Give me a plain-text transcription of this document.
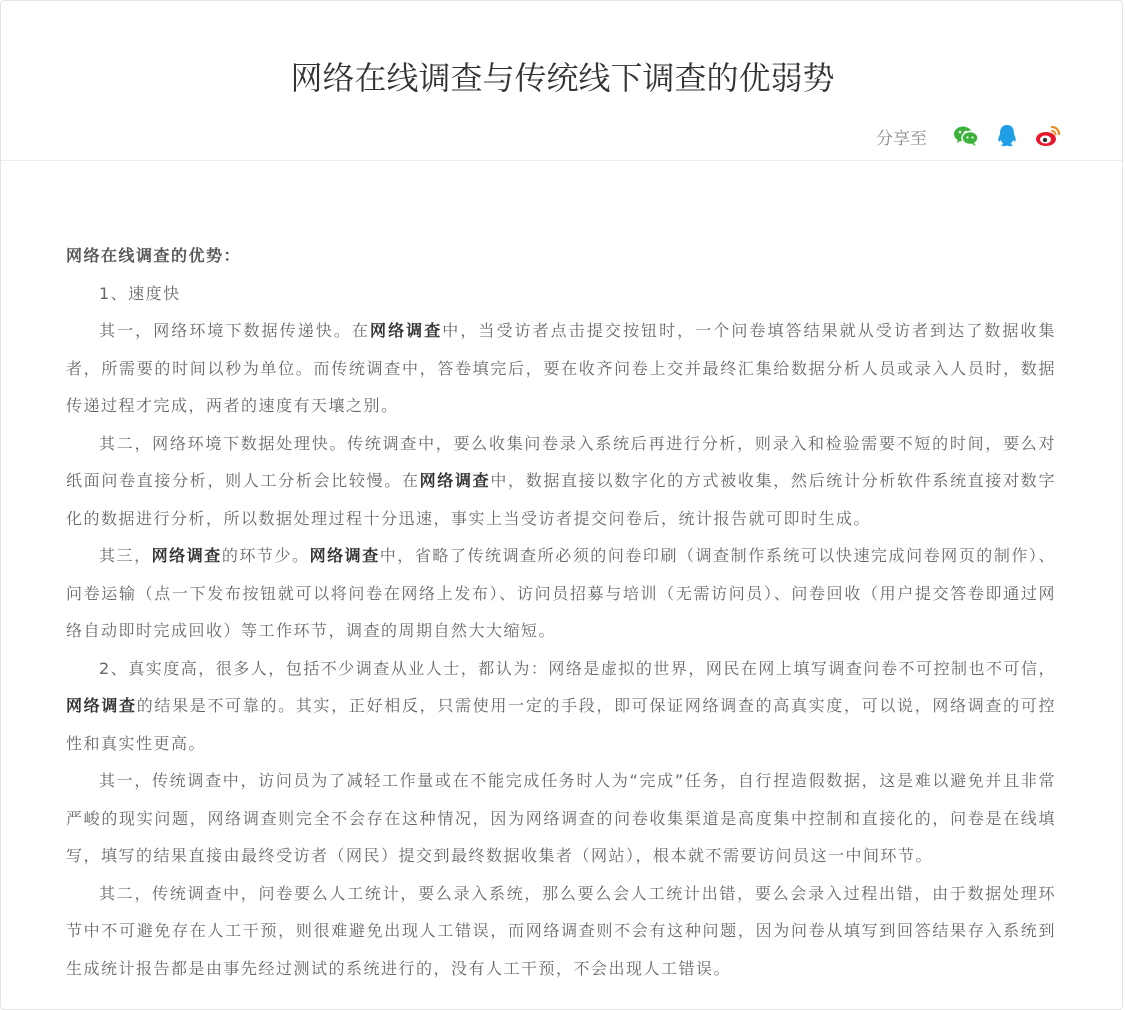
网络在线调查与传统线下调查的优弱势
分享至

网络在线调查的优势：

1、速度快

其一，网络环境下数据传递快。在网络调查中，当受访者点击提交按钮时，一个问卷填答结果就从受访者到达了数据收集者，所需要的时间以秒为单位。而传统调查中，答卷填完后，要在收齐问卷上交并最终汇集给数据分析人员或录入人员时，数据传递过程才完成，两者的速度有天壤之别。

其二，网络环境下数据处理快。传统调查中，要么收集问卷录入系统后再进行分析，则录入和检验需要不短的时间，要么对纸面问卷直接分析，则人工分析会比较慢。在网络调查中，数据直接以数字化的方式被收集，然后统计分析软件系统直接对数字化的数据进行分析，所以数据处理过程十分迅速，事实上当受访者提交问卷后，统计报告就可即时生成。

其三，网络调查的环节少。网络调查中，省略了传统调查所必须的问卷印刷（调查制作系统可以快速完成问卷网页的制作）、问卷运输（点一下发布按钮就可以将问卷在网络上发布）、访问员招募与培训（无需访问员）、问卷回收（用户提交答卷即通过网络自动即时完成回收）等工作环节，调查的周期自然大大缩短。

2、真实度高，很多人，包括不少调查从业人士，都认为：网络是虚拟的世界，网民在网上填写调查问卷不可控制也不可信，网络调查的结果是不可靠的。其实，正好相反，只需使用一定的手段，即可保证网络调查的高真实度，可以说，网络调查的可控性和真实性更高。

其一，传统调查中，访问员为了减轻工作量或在不能完成任务时人为“完成”任务，自行捏造假数据，这是难以避免并且非常严峻的现实问题，网络调查则完全不会存在这种情况，因为网络调查的问卷收集渠道是高度集中控制和直接化的，问卷是在线填写，填写的结果直接由最终受访者（网民）提交到最终数据收集者（网站），根本就不需要访问员这一中间环节。

其二，传统调查中，问卷要么人工统计，要么录入系统，那么要么会人工统计出错，要么会录入过程出错，由于数据处理环节中不可避免存在人工干预，则很难避免出现人工错误，而网络调查则不会有这种问题，因为问卷从填写到回答结果存入系统到生成统计报告都是由事先经过测试的系统进行的，没有人工干预，不会出现人工错误。
